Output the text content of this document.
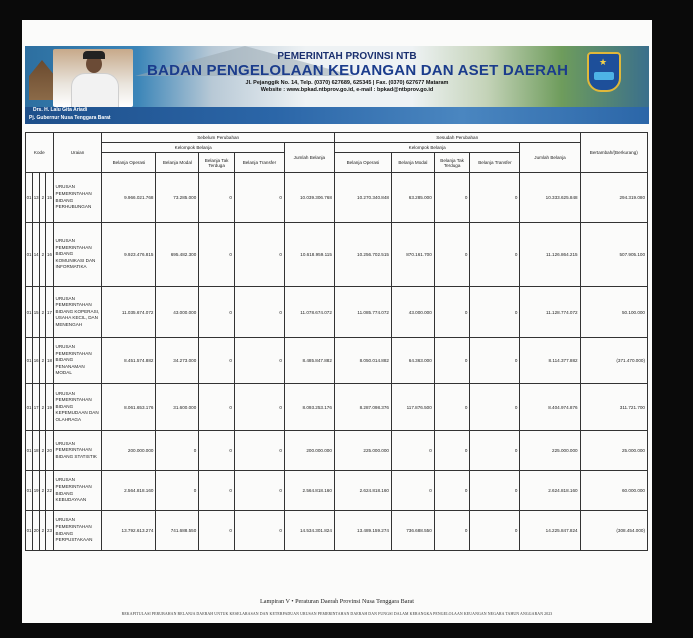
Drs. H. Lalu Gita Ariadi
Pj. Gubernur Nusa Tenggara Barat
PEMERINTAH PROVINSI NTB
BADAN PENGELOLAAN KEUANGAN DAN ASET DAERAH
Jl. Pejanggik No. 14, Telp. (0370) 627689, 625345 | Fax. (0370) 627677 Mataram
Website : www.bpkad.ntbprov.go.id, e-mail : bpkad@ntbprov.go.id
★
Kode				Uraian	Sebelum Perubahan					Sesudah Perubahan					Bertambah/(Berkurang)
					Kelompok Belanja				Jumlah Belanja	Kelompok Belanja				Jumlah Belanja	
					Belanja Operasi	Belanja Modal	Belanja Tak Terduga	Belanja Transfer		Belanja Operasi	Belanja Modal	Belanja Tak Terduga	Belanja Transfer		
01	13	2	15	URUSAN PEMERINTAHAN BIDANG PERHUBUNGAN	9.966.021.768	73.285.000	0	0	10.039.306.768	10.270.340.848	63.285.000	0	0	10.333.625.848	294.319.080
01	14	2	16	URUSAN PEMERINTAHAN BIDANG KOMUNIKASI DAN INFORMATIKA	9.923.476.815	695.482.300	0	0	10.618.959.115	10.256.702.515	870.161.700	0	0	11.126.864.215	507.905.100
01	15	2	17	URUSAN PEMERINTAHAN BIDANG KOPERASI, USAHA KECIL, DAN MENENGAH	11.035.674.072	43.000.000	0	0	11.078.674.072	11.085.774.072	43.000.000	0	0	11.128.774.072	50.100.000
01	16	2	18	URUSAN PEMERINTAHAN BIDANG PENANAMAN MODAL	8.451.574.882	34.273.000	0	0	8.485.847.882	8.050.014.882	64.363.000	0	0	8.114.377.882	(371.470.000)
01	17	2	19	URUSAN PEMERINTAHAN BIDANG KEPEMUDAAN DAN OLAHRAGA	8.061.653.176	31.600.000	0	0	8.093.253.176	8.287.098.376	117.876.500	0	0	8.404.974.876	311.721.700
01	18	2	20	URUSAN PEMERINTAHAN BIDANG STATISTIK	200.000.000	0	0	0	200.000.000	225.000.000	0	0	0	225.000.000	25.000.000
01	19	2	22	URUSAN PEMERINTAHAN BIDANG KEBUDAYAAN	2.564.818.160	0	0	0	2.564.818.160	2.624.818.160	0	0	0	2.624.818.160	60.000.000
01	20	2	23	URUSAN PEMERINTAHAN BIDANG PERPUSTAKAAN	13.792.613.274	741.688.550	0	0	14.534.301.824	13.489.159.274	736.688.550	0	0	14.225.847.824	(308.454.000)
Lampiran V • Peraturan Daerah Provinsi Nusa Tenggara Barat
REKAPITULASI PERUBAHAN BELANJA DAERAH UNTUK KESELARASAN DAN KETERPADUAN URUSAN PEMERINTAHAN DAERAH DAN FUNGSI DALAM KERANGKA PENGELOLAAN KEUANGAN NEGARA TAHUN ANGGARAN 2023
